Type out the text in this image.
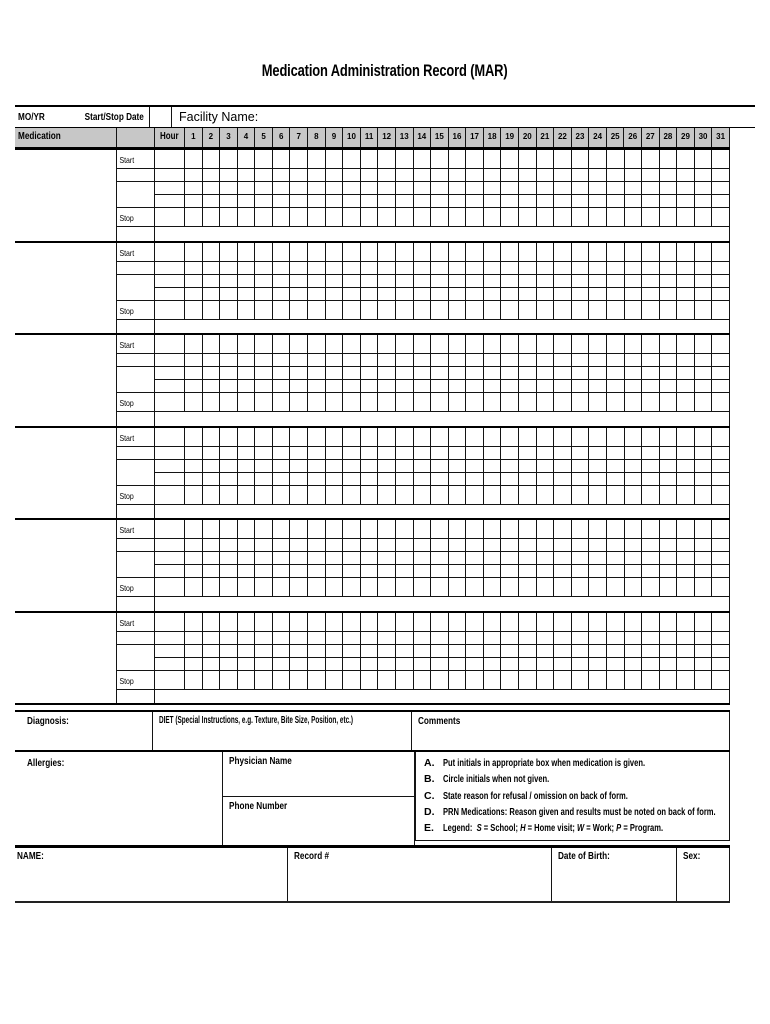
Medication Administration Record (MAR)
MO/YR	Start/Stop Date	Facility Name:
Medication	Hour	1	2	3	4	5	6	7	8	9	10	11	12	13	14	15	16	17	18	19	20	21	22	23	24	25	26	27	28	29	30	31
Start
Stop
Start
Stop
Start
Stop
Start
Stop
Start
Stop
Start
Stop
Diagnosis:	DIET (Special Instructions, e.g. Texture, Bite Size, Position, etc.)	Comments
Allergies:	Physician Name
Phone Number
A. Put initials in appropriate box when medication is given.
B. Circle initials when not given.
C. State reason for refusal / omission on back of form.
D. PRN Medications: Reason given and results must be noted on back of form.
E. Legend:  S = School; H = Home visit; W = Work; P = Program.
NAME:	Record #	Date of Birth:	Sex:
